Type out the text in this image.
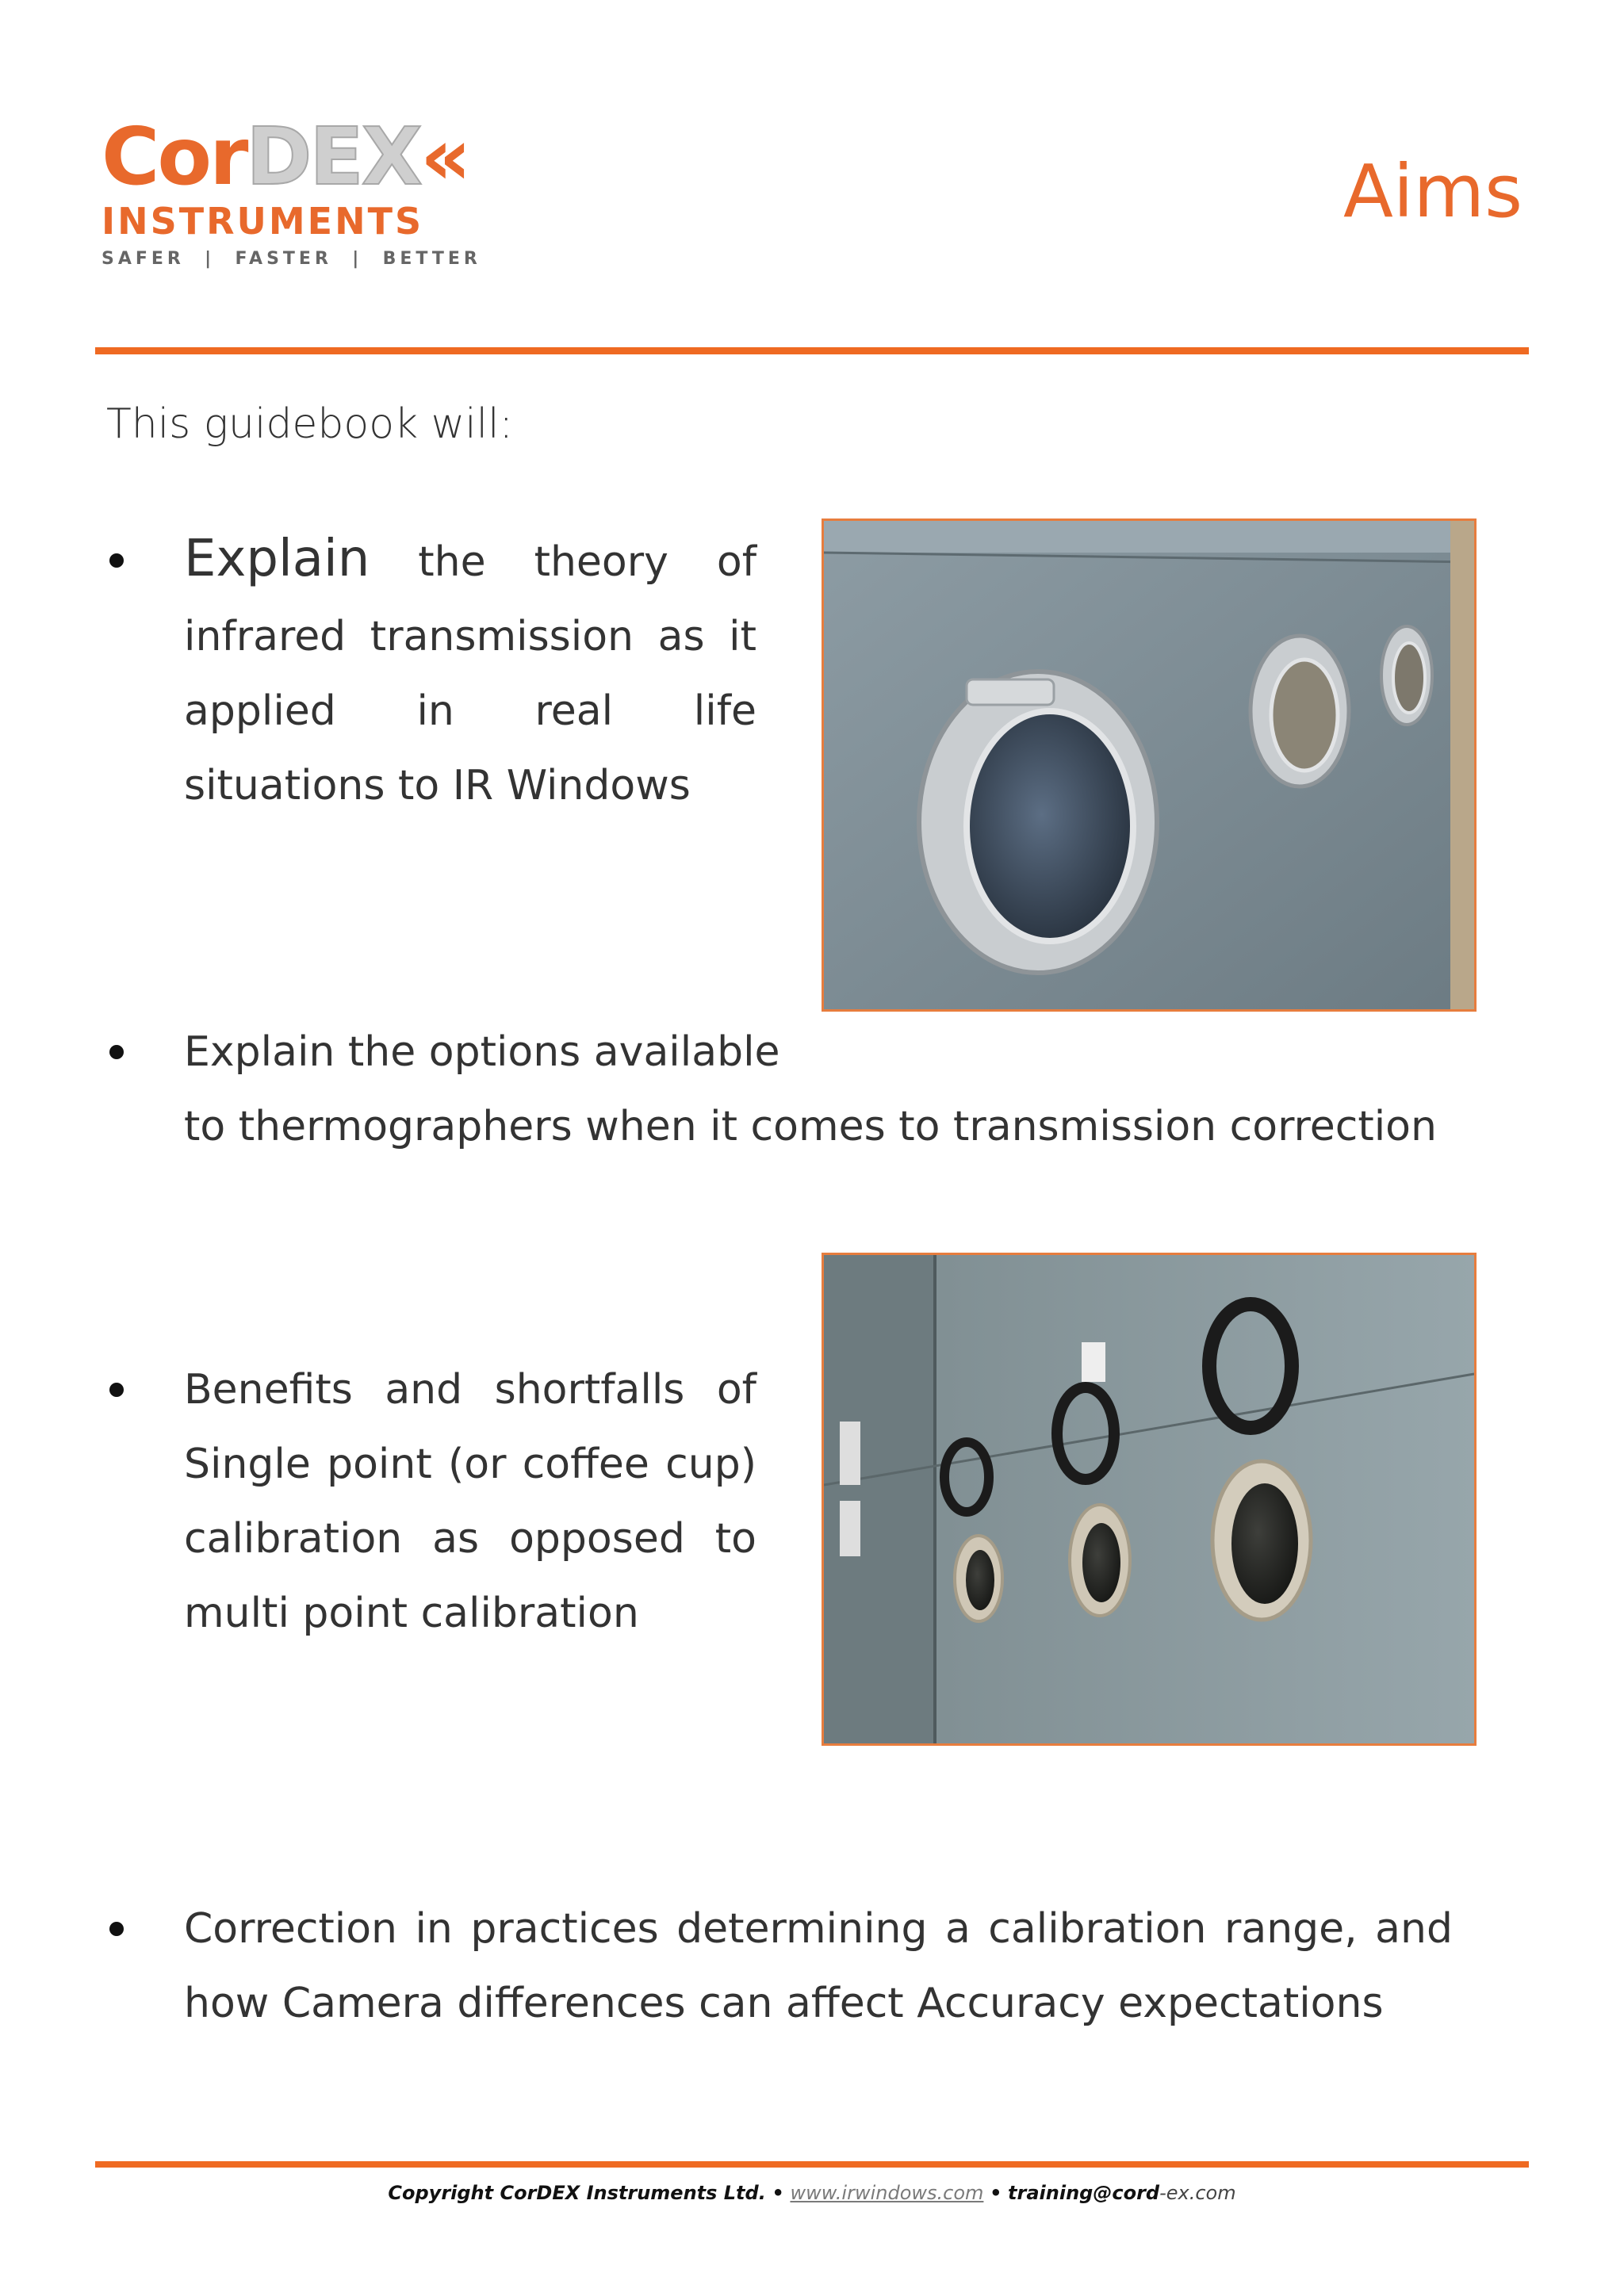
CorDEX«
INSTRUMENTS
SAFER  |  FASTER  |  BETTER
Aims
This guidebook will:
Explain the theory of infrared transmission as it applied in real life situations to IR Windows
Explain the options available
to thermographers when it comes to transmission correction
Benefits and shortfalls of Single point (or coffee cup) calibration as opposed to multi point calibration
Correction in practices determining a calibration range, and how Camera differences can affect Accuracy expectations
Copyright CorDEX Instruments Ltd. • www.irwindows.com • training@cord-ex.com
